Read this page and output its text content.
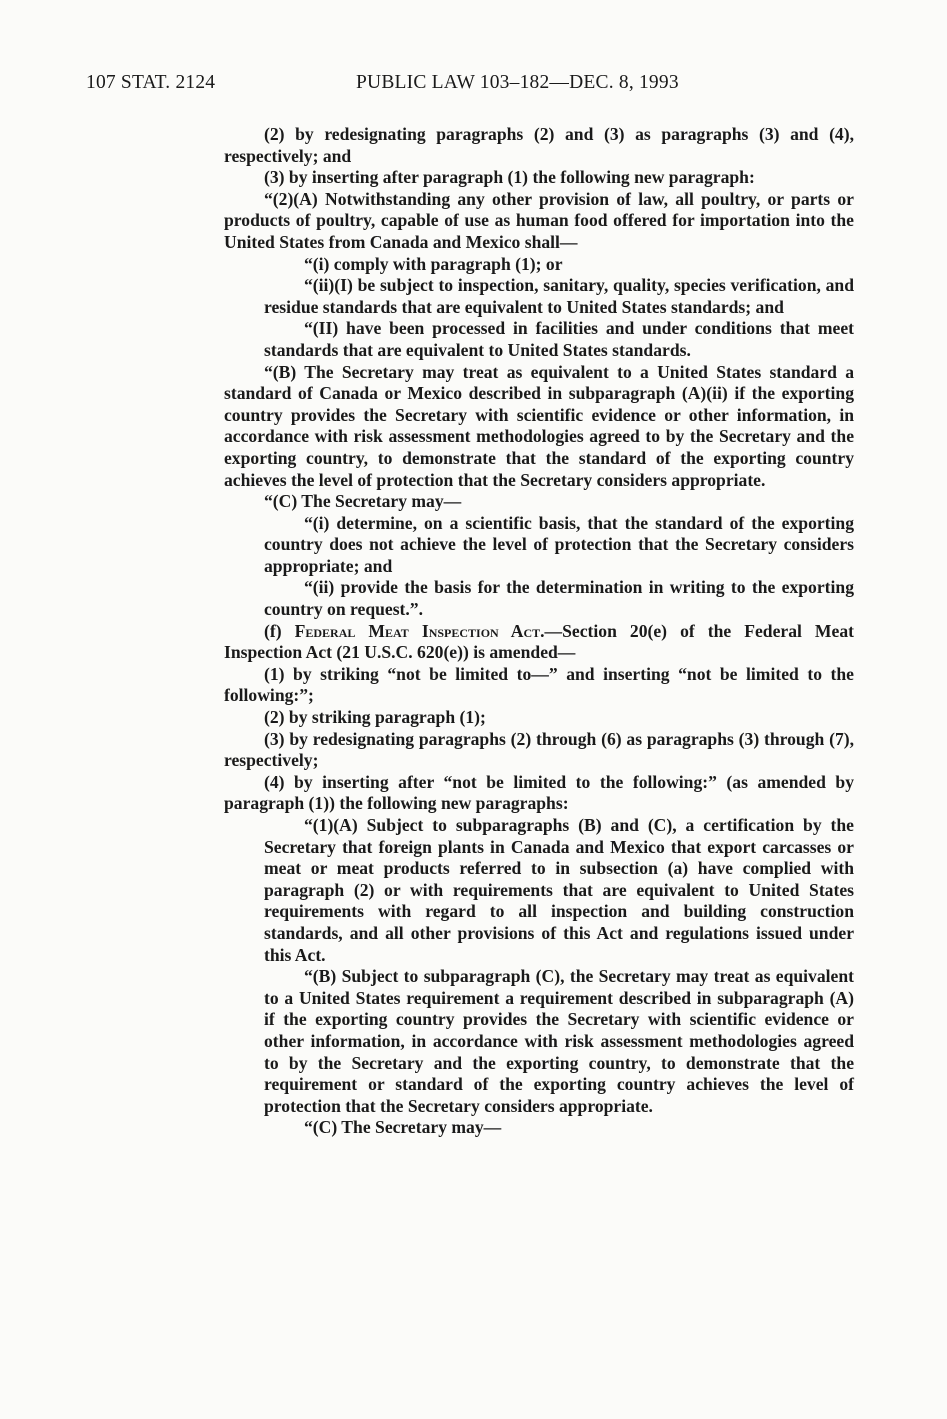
107 STAT. 2124	PUBLIC LAW 103–182—DEC. 8, 1993

(2) by redesignating paragraphs (2) and (3) as paragraphs (3) and (4), respectively; and

(3) by inserting after paragraph (1) the following new paragraph:

“(2)(A) Notwithstanding any other provision of law, all poultry, or parts or products of poultry, capable of use as human food offered for importation into the United States from Canada and Mexico shall—

“(i) comply with paragraph (1); or

“(ii)(I) be subject to inspection, sanitary, quality, species verification, and residue standards that are equivalent to United States standards; and

“(II) have been processed in facilities and under conditions that meet standards that are equivalent to United States standards.

“(B) The Secretary may treat as equivalent to a United States standard a standard of Canada or Mexico described in subparagraph (A)(ii) if the exporting country provides the Secretary with scientific evidence or other information, in accordance with risk assessment methodologies agreed to by the Secretary and the exporting country, to demonstrate that the standard of the exporting country achieves the level of protection that the Secretary considers appropriate.

“(C) The Secretary may—

“(i) determine, on a scientific basis, that the standard of the exporting country does not achieve the level of protection that the Secretary considers appropriate; and

“(ii) provide the basis for the determination in writing to the exporting country on request.”.

(f) Federal Meat Inspection Act.—Section 20(e) of the Federal Meat Inspection Act (21 U.S.C. 620(e)) is amended—

(1) by striking “not be limited to—” and inserting “not be limited to the following:”;

(2) by striking paragraph (1);

(3) by redesignating paragraphs (2) through (6) as paragraphs (3) through (7), respectively;

(4) by inserting after “not be limited to the following:” (as amended by paragraph (1)) the following new paragraphs:

“(1)(A) Subject to subparagraphs (B) and (C), a certification by the Secretary that foreign plants in Canada and Mexico that export carcasses or meat or meat products referred to in subsection (a) have complied with paragraph (2) or with requirements that are equivalent to United States requirements with regard to all inspection and building construction standards, and all other provisions of this Act and regulations issued under this Act.

“(B) Subject to subparagraph (C), the Secretary may treat as equivalent to a United States requirement a requirement described in subparagraph (A) if the exporting country provides the Secretary with scientific evidence or other information, in accordance with risk assessment methodologies agreed to by the Secretary and the exporting country, to demonstrate that the requirement or standard of the exporting country achieves the level of protection that the Secretary considers appropriate.

“(C) The Secretary may—
